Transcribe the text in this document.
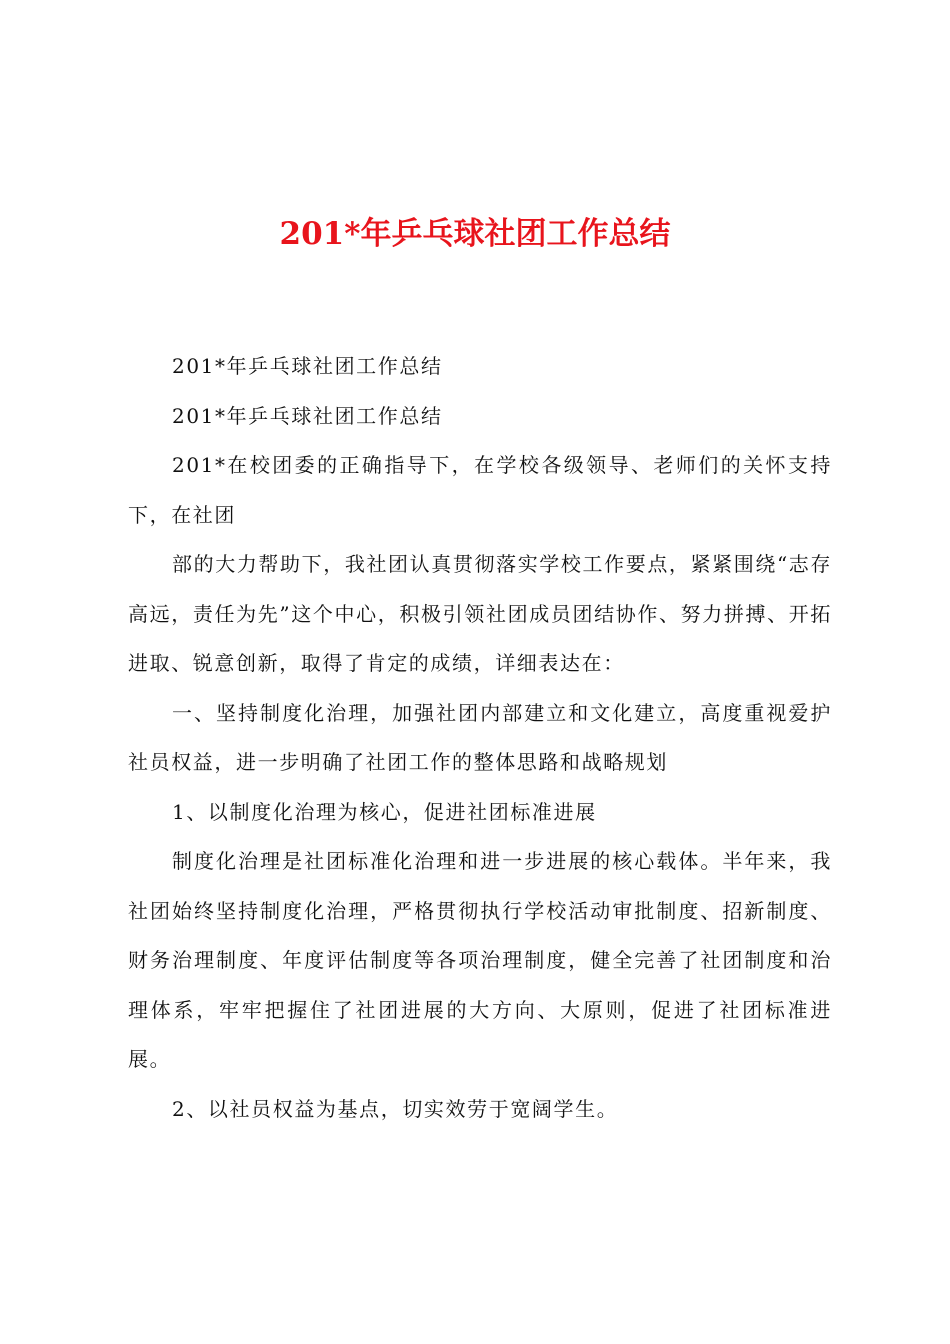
201*年乒乓球社团工作总结

201*年乒乓球社团工作总结

201*年乒乓球社团工作总结

201*在校团委的正确指导下，在学校各级领导、老师们的关怀支持下，在社团

部的大力帮助下，我社团认真贯彻落实学校工作要点，紧紧围绕“志存高远，责任为先”这个中心，积极引领社团成员团结协作、努力拼搏、开拓进取、锐意创新，取得了肯定的成绩，详细表达在：

一、坚持制度化治理，加强社团内部建立和文化建立，高度重视爱护社员权益，进一步明确了社团工作的整体思路和战略规划

1、以制度化治理为核心，促进社团标准进展

制度化治理是社团标准化治理和进一步进展的核心载体。半年来，我社团始终坚持制度化治理，严格贯彻执行学校活动审批制度、招新制度、财务治理制度、年度评估制度等各项治理制度，健全完善了社团制度和治理体系，牢牢把握住了社团进展的大方向、大原则，促进了社团标准进展。

2、以社员权益为基点，切实效劳于宽阔学生。
